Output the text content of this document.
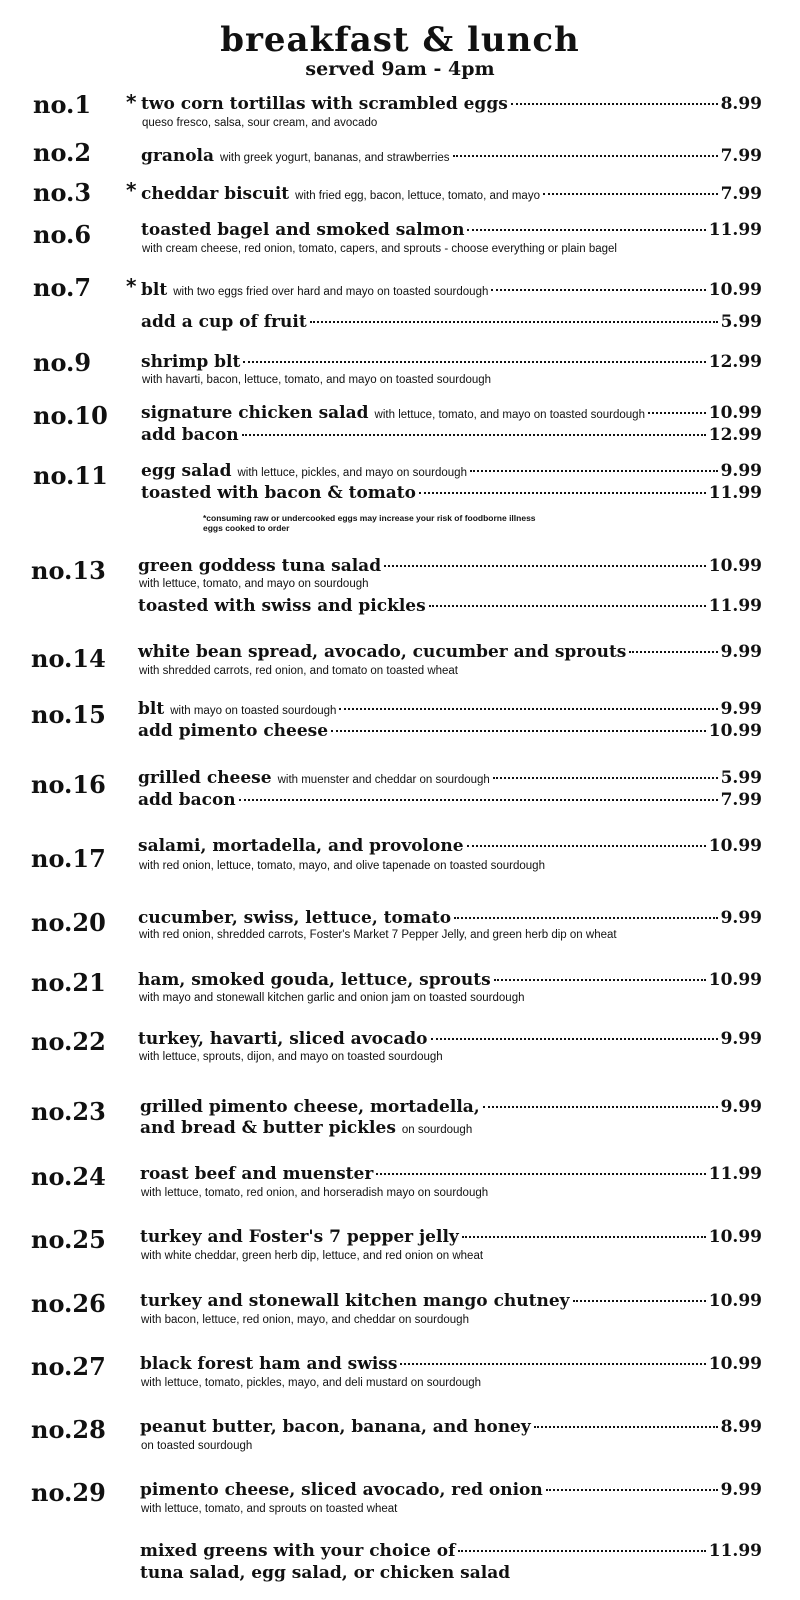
breakfast & lunch
served 9am - 4pm
no.1 * two corn tortillas with scrambled eggs	8.99
queso fresco, salsa, sour cream, and avocado
no.2	granola with greek yogurt, bananas, and strawberries	7.99
no.3 * cheddar biscuit with fried egg, bacon, lettuce, tomato, and mayo	7.99
no.6	toasted bagel and smoked salmon	11.99
with cream cheese, red onion, tomato, capers, and sprouts - choose everything or plain bagel
no.7 * blt with two eggs fried over hard and mayo on toasted sourdough	10.99
add a cup of fruit	5.99
no.9	shrimp blt	12.99
with havarti, bacon, lettuce, tomato, and mayo on toasted sourdough
no.10 signature chicken salad with lettuce, tomato, and mayo on toasted sourdough	10.99
add bacon	12.99
no.11 egg salad with lettuce, pickles, and mayo on sourdough	9.99
toasted with bacon & tomato	11.99
*consuming raw or undercooked eggs may increase your risk of foodborne illness
eggs cooked to order
no.13 green goddess tuna salad	10.99
with lettuce, tomato, and mayo on sourdough
toasted with swiss and pickles	11.99
no.14 white bean spread, avocado, cucumber and sprouts	9.99
with shredded carrots, red onion, and tomato on toasted wheat
no.15 blt with mayo on toasted sourdough	9.99
add pimento cheese	10.99
no.16 grilled cheese with muenster and cheddar on sourdough	5.99
add bacon	7.99
no.17 salami, mortadella, and provolone	10.99
with red onion, lettuce, tomato, mayo, and olive tapenade on toasted sourdough
no.20 cucumber, swiss, lettuce, tomato	9.99
with red onion, shredded carrots, Foster's Market 7 Pepper Jelly, and green herb dip on wheat
no.21 ham, smoked gouda, lettuce, sprouts	10.99
with mayo and stonewall kitchen garlic and onion jam on toasted sourdough
no.22 turkey, havarti, sliced avocado	9.99
with lettuce, sprouts, dijon, and mayo on toasted sourdough
no.23 grilled pimento cheese, mortadella,	9.99
and bread & butter pickles on sourdough
no.24 roast beef and muenster	11.99
with lettuce, tomato, red onion, and horseradish mayo on sourdough
no.25 turkey and Foster's 7 pepper jelly	10.99
with white cheddar, green herb dip, lettuce, and red onion on wheat
no.26 turkey and stonewall kitchen mango chutney	10.99
with bacon, lettuce, red onion, mayo, and cheddar on sourdough
no.27 black forest ham and swiss	10.99
with lettuce, tomato, pickles, mayo, and deli mustard on sourdough
no.28 peanut butter, bacon, banana, and honey	8.99
on toasted sourdough
no.29 pimento cheese, sliced avocado, red onion	9.99
with lettuce, tomato, and sprouts on toasted wheat
mixed greens with your choice of	11.99
tuna salad, egg salad, or chicken salad
